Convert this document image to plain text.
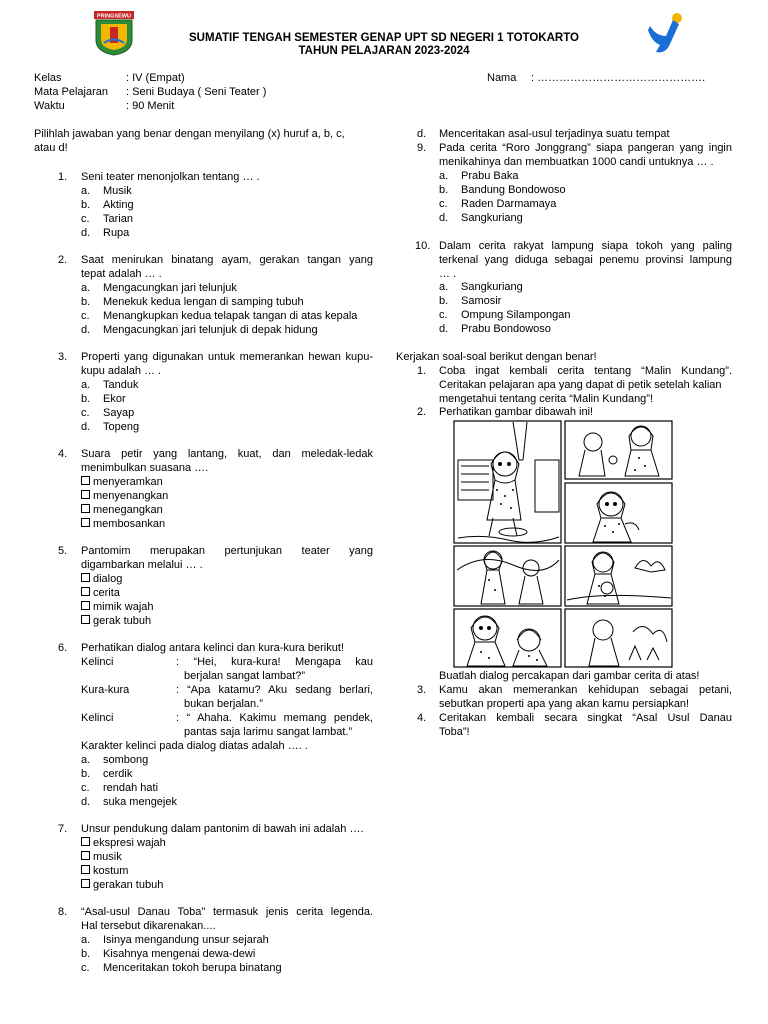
PRINGSEWU
SUMATIF TENGAH SEMESTER GENAP UPT SD NEGERI 1 TOTOKARTO
TAHUN PELAJARAN 2023-2024
Kelas	: IV (Empat)
Mata Pelajaran : Seni Budaya ( Seni Teater )
Waktu	: 90 Menit
Nama : ……………………………………….
Pilihlah jawaban yang benar dengan menyilang (x) huruf a, b, c,
atau d!
1. Seni teater menonjolkan tentang … .
a. Musik
b. Akting
c. Tarian
d. Rupa
2. Saat menirukan binatang ayam, gerakan tangan yang
tepat adalah … .
a. Mengacungkan jari telunjuk
b. Menekuk kedua lengan di samping tubuh
c. Menangkupkan kedua telapak tangan di atas kepala
d. Mengacungkan jari telunjuk di depak hidung
3. Properti yang digunakan untuk memerankan hewan kupu-
kupu adalah … .
a. Tanduk
b. Ekor
c. Sayap
d. Topeng
4. Suara petir yang lantang, kuat, dan meledak-ledak
menimbulkan suasana ….
menyeramkan
menyenangkan
menegangkan
membosankan
5. Pantomim merupakan pertunjukan teater yang
digambarkan melalui … .
dialog
cerita
mimik wajah
gerak tubuh
6. Perhatikan dialog antara kelinci dan kura-kura berikut!
Kelinci	: “Hei, kura-kura! Mengapa kau
berjalan sangat lambat?”
Kura-kura	: “Apa katamu? Aku sedang berlari,
bukan berjalan.”
Kelinci	: “ Ahaha. Kakimu memang pendek,
pantas saja larimu sangat lambat.”
Karakter kelinci pada dialog diatas adalah …. .
a. sombong
b. cerdik
c. rendah hati
d. suka mengejek
7. Unsur pendukung dalam pantonim di bawah ini adalah ….
ekspresi wajah
musik
kostum
gerakan tubuh
8. “Asal-usul Danau Toba" termasuk jenis cerita legenda.
Hal tersebut dikarenakan....
a. Isinya mengandung unsur sejarah
b. Kisahnya mengenai dewa-dewi
c. Menceritakan tokoh berupa binatang
d. Menceritakan asal-usul terjadinya suatu tempat
9. Pada cerita “Roro Jonggrang” siapa pangeran yang ingin
menikahinya dan membuatkan 1000 candi untuknya … .
a. Prabu Baka
b. Bandung Bondowoso
c. Raden Darmamaya
d. Sangkuriang
10. Dalam cerita rakyat lampung siapa tokoh yang paling
terkenal yang diduga sebagai penemu provinsi lampung
… .
a. Sangkuriang
b. Samosir
c. Ompung Silampongan
d. Prabu Bondowoso
Kerjakan soal-soal berikut dengan benar!
1. Coba ingat kembali cerita tentang “Malin Kundang”.
Ceritakan pelajaran apa yang dapat di petik setelah kalian
mengetahui tentang cerita “Malin Kundang”!
2. Perhatikan gambar dibawah ini!
Buatlah dialog percakapan dari gambar cerita di atas!
3. Kamu akan memerankan kehidupan sebagai petani,
sebutkan properti apa yang akan kamu persiapkan!
4. Ceritakan kembali secara singkat “Asal Usul Danau
Toba”!
